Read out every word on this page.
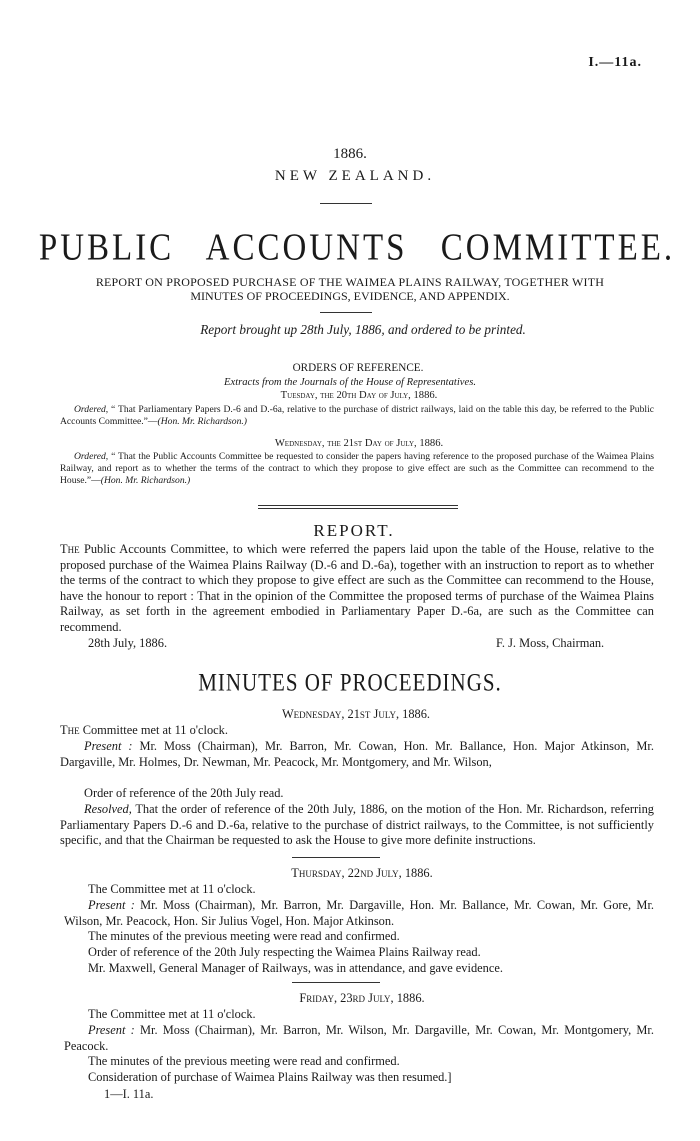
I.—11a.
1886.
NEW ZEALAND.
PUBLIC ACCOUNTS COMMITTEE.
REPORT ON PROPOSED PURCHASE OF THE WAIMEA PLAINS RAILWAY, TOGETHER WITH
MINUTES OF PROCEEDINGS, EVIDENCE, AND APPENDIX.
Report brought up 28th July, 1886, and ordered to be printed.
ORDERS OF REFERENCE.
Extracts from the Journals of the House of Representatives.
Tuesday, the 20th Day of July, 1886.
Ordered, “ That Parliamentary Papers D.-6 and D.-6a, relative to the purchase of district railways, laid on the table this day, be referred to the Public Accounts Committee.”—(Hon. Mr. Richardson.)
Wednesday, the 21st Day of July, 1886.
Ordered, “ That the Public Accounts Committee be requested to consider the papers having reference to the proposed purchase of the Waimea Plains Railway, and report as to whether the terms of the contract to which they propose to give effect are such as the Committee can recommend to the House.”—(Hon. Mr. Richardson.)
REPORT.
The Public Accounts Committee, to which were referred the papers laid upon the table of the House, relative to the proposed purchase of the Waimea Plains Railway (D.-6 and D.-6a), together with an instruction to report as to whether the terms of the contract to which they propose to give effect are such as the Committee can recommend to the House, have the honour to report : That in the opinion of the Committee the proposed terms of purchase of the Waimea Plains Railway, as set forth in the agreement embodied in Parliamentary Paper D.-6a, are such as the Committee can recommend.
28th July, 1886.	F. J. Moss, Chairman.
MINUTES OF PROCEEDINGS.
Wednesday, 21st July, 1886.
The Committee met at 11 o'clock.
Present : Mr. Moss (Chairman), Mr. Barron, Mr. Cowan, Hon. Mr. Ballance, Hon. Major Atkinson, Mr. Dargaville, Mr. Holmes, Dr. Newman, Mr. Peacock, Mr. Montgomery, and Mr. Wilson,
Order of reference of the 20th July read.
Resolved, That the order of reference of the 20th July, 1886, on the motion of the Hon. Mr. Richardson, referring Parliamentary Papers D.-6 and D.-6a, relative to the purchase of district railways, to the Committee, is not sufficiently specific, and that the Chairman be requested to ask the House to give more definite instructions.
Thursday, 22nd July, 1886.
The Committee met at 11 o'clock.
Present : Mr. Moss (Chairman), Mr. Barron, Mr. Dargaville, Hon. Mr. Ballance, Mr. Cowan, Mr. Gore, Mr. Wilson, Mr. Peacock, Hon. Sir Julius Vogel, Hon. Major Atkinson.
The minutes of the previous meeting were read and confirmed.
Order of reference of the 20th July respecting the Waimea Plains Railway read.
Mr. Maxwell, General Manager of Railways, was in attendance, and gave evidence.
Friday, 23rd July, 1886.
The Committee met at 11 o'clock.
Present : Mr. Moss (Chairman), Mr. Barron, Mr. Wilson, Mr. Dargaville, Mr. Cowan, Mr. Montgomery, Mr. Peacock.
The minutes of the previous meeting were read and confirmed.
Consideration of purchase of Waimea Plains Railway was then resumed.]
1—I. 11a.
